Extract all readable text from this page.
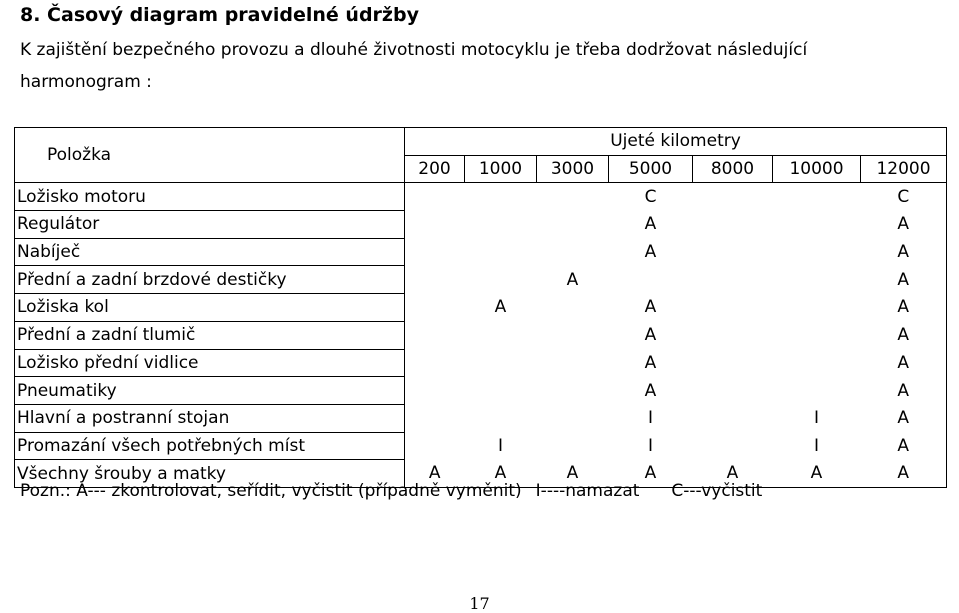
8. Časový diagram pravidelné údržby
K zajištění bezpečného provozu a dlouhé životnosti motocyklu je třeba dodržovat následující harmonogram :
Položka	Ujeté kilometry						
	200	1000	3000	5000	8000	10000	12000
Ložisko motoru				C			C
Regulátor				A			A
Nabíječ				A			A
Přední a zadní brzdové destičky			A				A
Ložiska kol		A		A			A
Přední a zadní tlumič				A			A
Ložisko přední vidlice				A			A
Pneumatiky				A			A
Hlavní a postranní stojan				I		I	A
Promazání všech potřebných míst		I		I		I	A
Všechny šrouby a matky	A	A	A	A	A	A	A
Pozn.: A--- zkontrolovat, seřídit, vyčistit (případně vyměnit) I----namazat C---vyčistit
17
